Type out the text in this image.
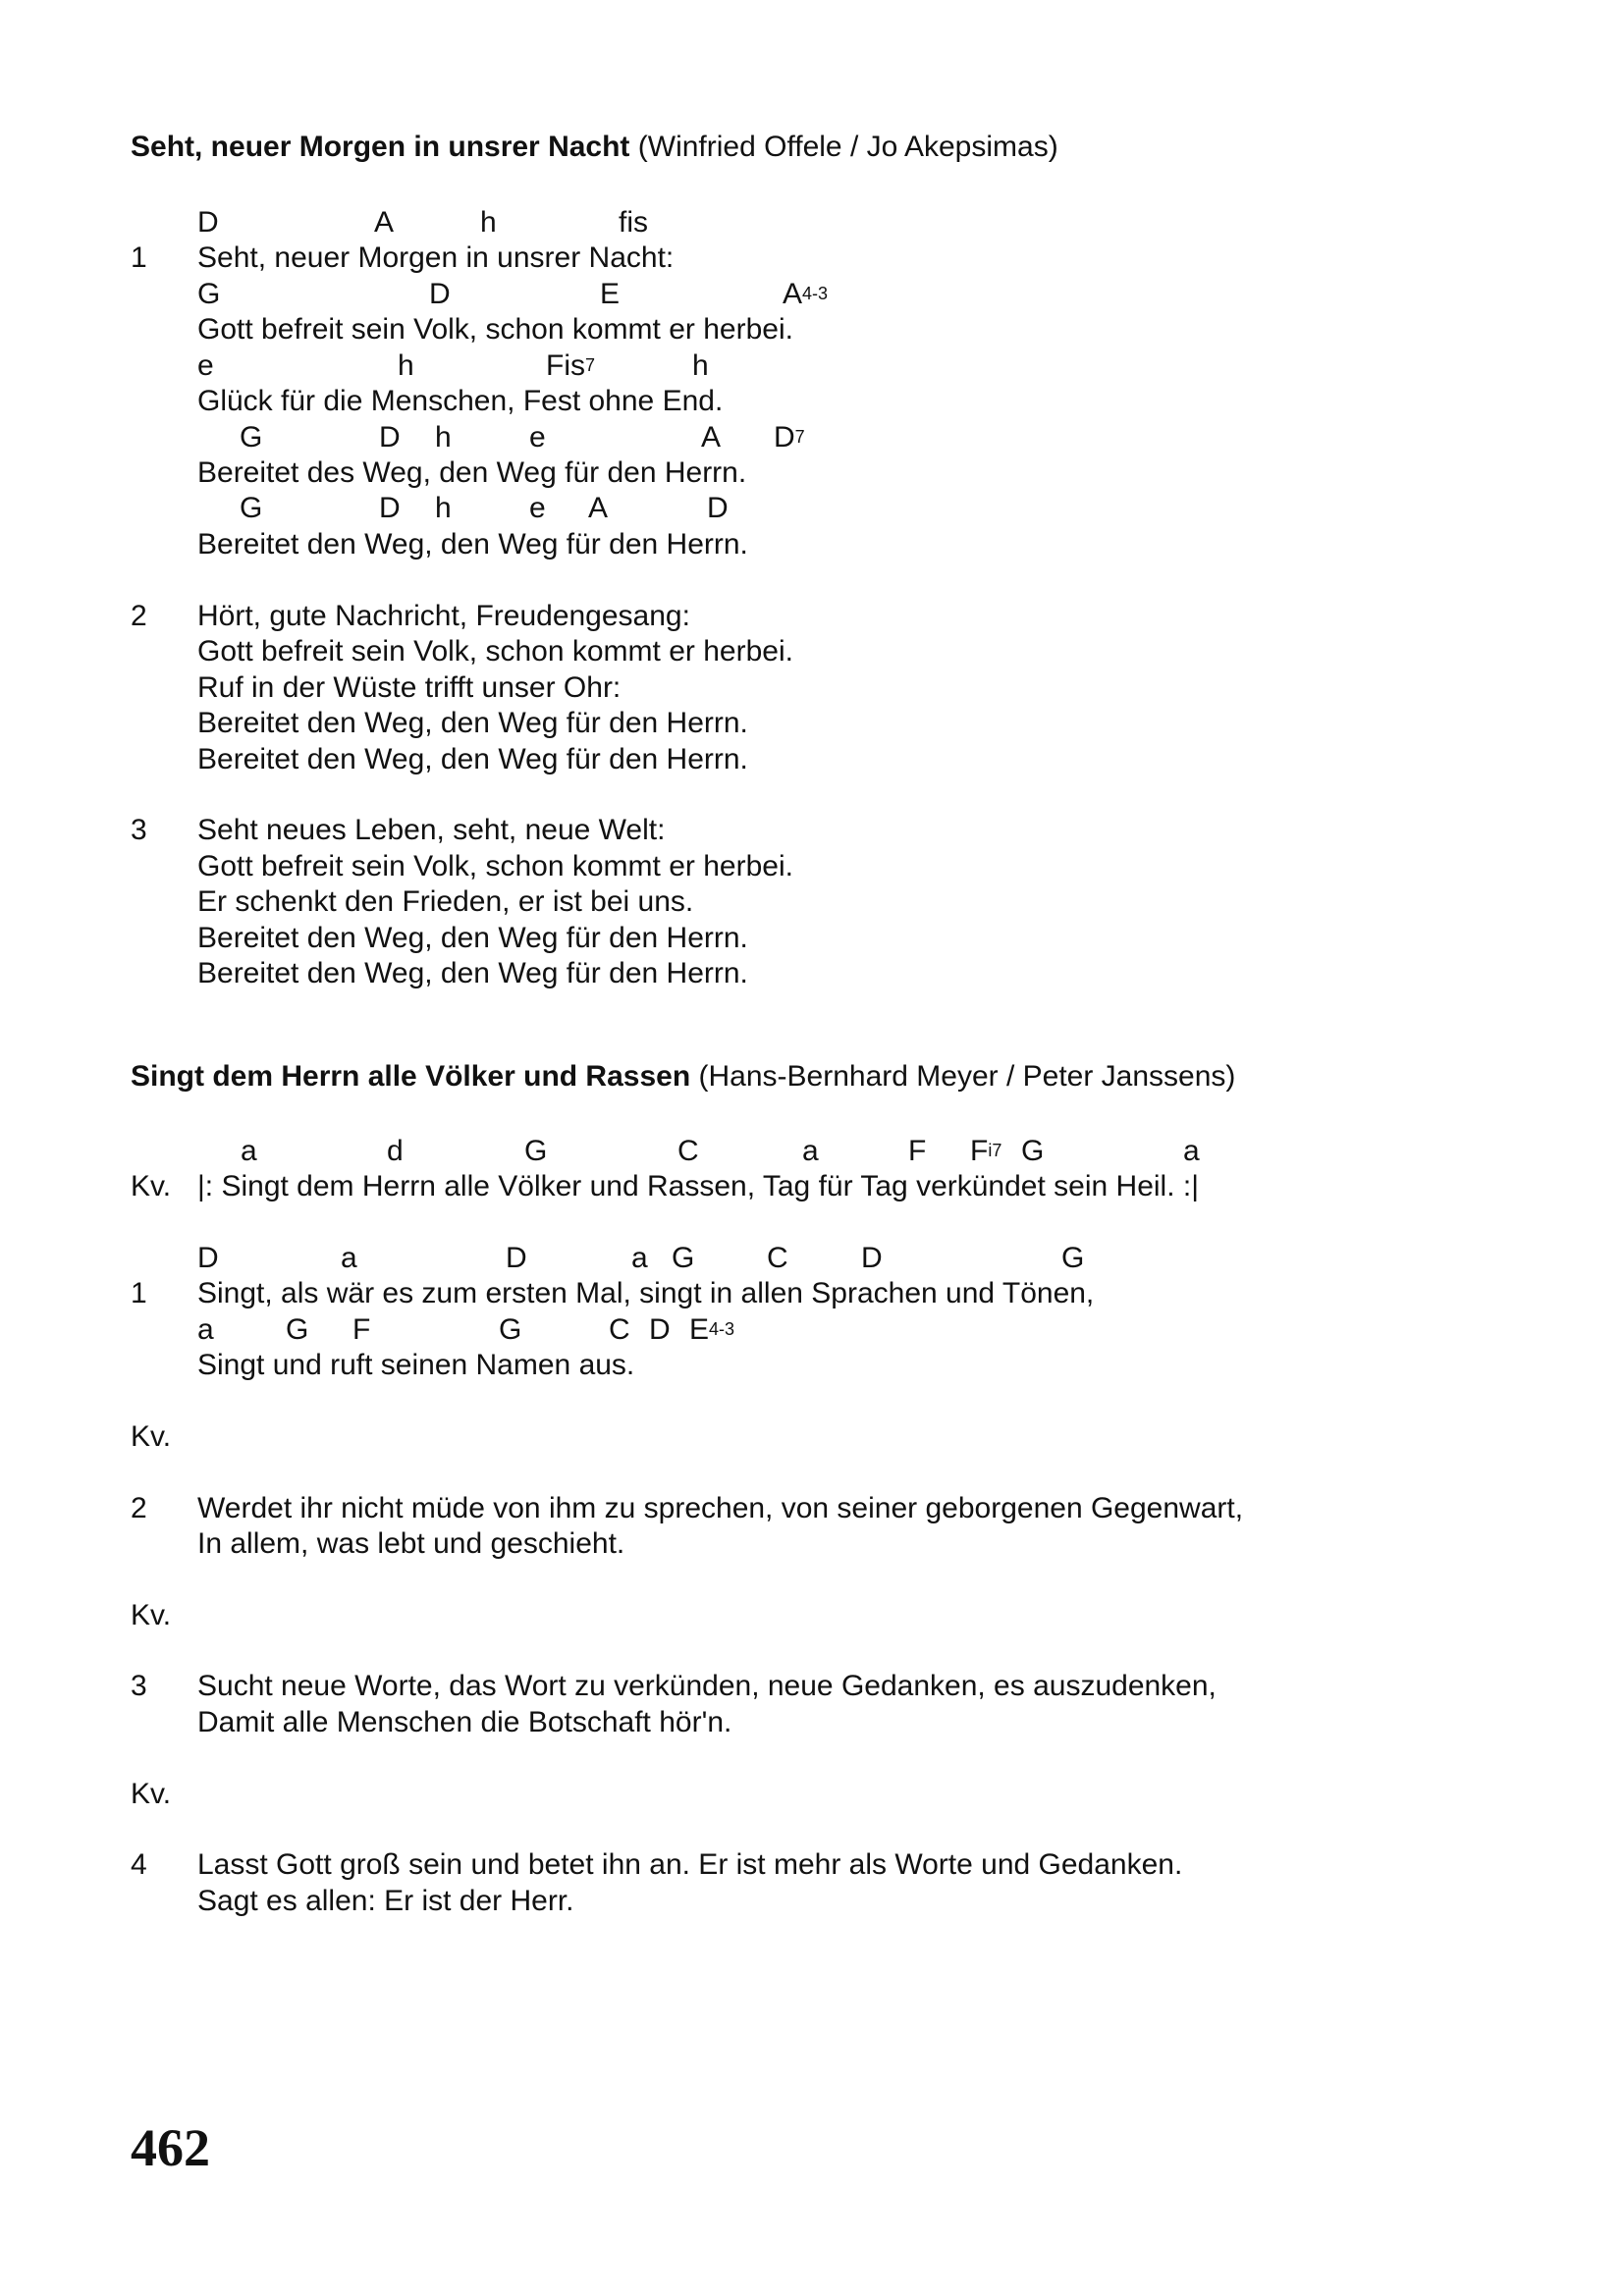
Seht, neuer Morgen in unsrer Nacht (Winfried Offele / Jo Akepsimas)
D	A	h	fis
1 Seht, neuer Morgen in unsrer Nacht:
G	D	E	$A^{4-3}$
Gott befreit sein Volk, schon kommt er herbei.
e	h	Fis$^7$	h
Glück für die Menschen, Fest ohne End.
G	D h	e	A $D^7$
Bereitet des Weg, den Weg für den Herrn.
G	D h	e A	D
Bereitet den Weg, den Weg für den Herrn.
2 Hört, gute Nachricht, Freudengesang:
Gott befreit sein Volk, schon kommt er herbei.
Ruf in der Wüste trifft unser Ohr:
Bereitet den Weg, den Weg für den Herrn.
Bereitet den Weg, den Weg für den Herrn.
3 Seht neues Leben, seht, neue Welt:
Gott befreit sein Volk, schon kommt er herbei.
Er schenkt den Frieden, er ist bei uns.
Bereitet den Weg, den Weg für den Herrn.
Bereitet den Weg, den Weg für den Herrn.
Singt dem Herrn alle Völker und Rassen (Hans-Bernhard Meyer / Peter Janssens)
a	d	G	C	a	F $F^{i7}$ G	a
Kv. |: Singt dem Herrn alle Völker und Rassen, Tag für Tag verkündet sein Heil. :|
D	a	D	a G C D	G
1 Singt, als wär es zum ersten Mal, singt in allen Sprachen und Tönen,
a G F	G	C D $E^{4-3}$
Singt und ruft seinen Namen aus.
Kv.
2 Werdet ihr nicht müde von ihm zu sprechen, von seiner geborgenen Gegenwart,
In allem, was lebt und geschieht.
Kv.
3 Sucht neue Worte, das Wort zu verkünden, neue Gedanken, es auszudenken,
Damit alle Menschen die Botschaft hör'n.
Kv.
4 Lasst Gott groß sein und betet ihn an. Er ist mehr als Worte und Gedanken.
Sagt es allen: Er ist der Herr.
462
